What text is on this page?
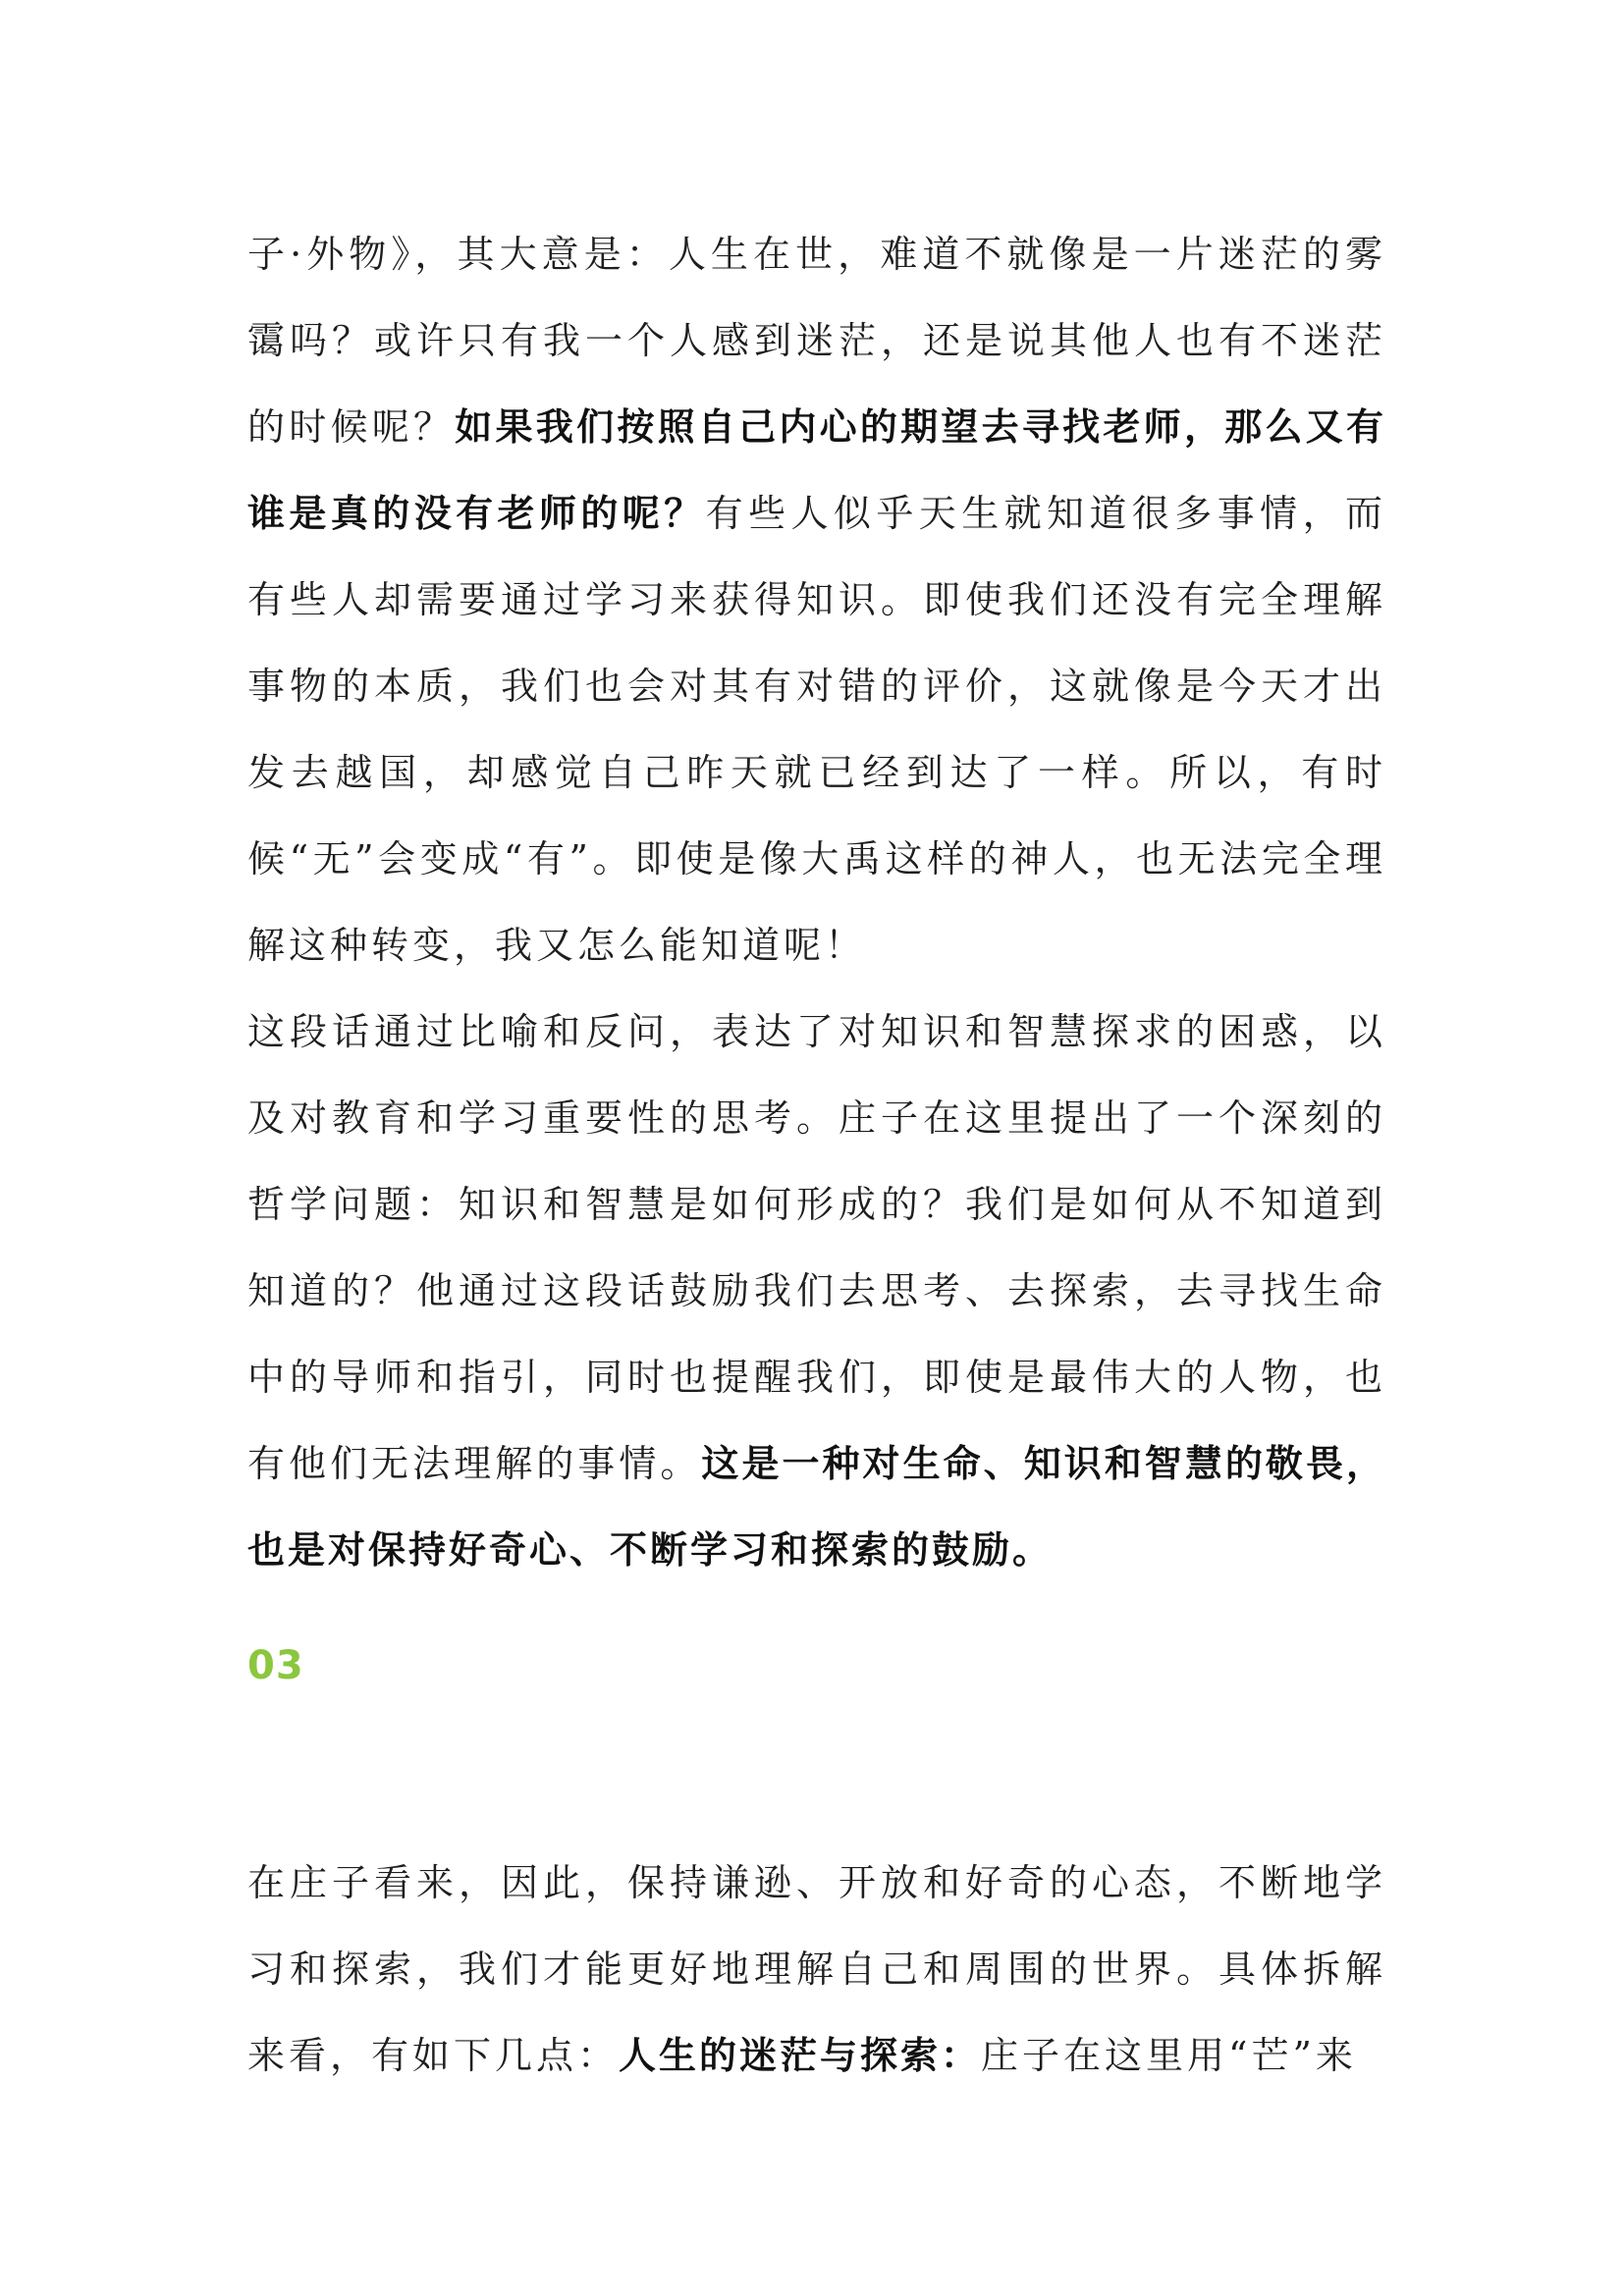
子·外物》，其大意是：人生在世，难道不就像是一片迷茫的雾霭吗？或许只有我一个人感到迷茫，还是说其他人也有不迷茫的时候呢？如果我们按照自己内心的期望去寻找老师，那么又有谁是真的没有老师的呢？有些人似乎天生就知道很多事情，而有些人却需要通过学习来获得知识。即使我们还没有完全理解事物的本质，我们也会对其有对错的评价，这就像是今天才出发去越国，却感觉自己昨天就已经到达了一样。所以，有时候“无”会变成“有”。即使是像大禹这样的神人，也无法完全理解这种转变，我又怎么能知道呢！

这段话通过比喻和反问，表达了对知识和智慧探求的困惑，以及对教育和学习重要性的思考。庄子在这里提出了一个深刻的哲学问题：知识和智慧是如何形成的？我们是如何从不知道到知道的？他通过这段话鼓励我们去思考、去探索，去寻找生命中的导师和指引，同时也提醒我们，即使是最伟大的人物，也有他们无法理解的事情。这是一种对生命、知识和智慧的敬畏，也是对保持好奇心、不断学习和探索的鼓励。

03

在庄子看来，因此，保持谦逊、开放和好奇的心态，不断地学习和探索，我们才能更好地理解自己和周围的世界。具体拆解来看，有如下几点：人生的迷茫与探索：庄子在这里用“芒”来
